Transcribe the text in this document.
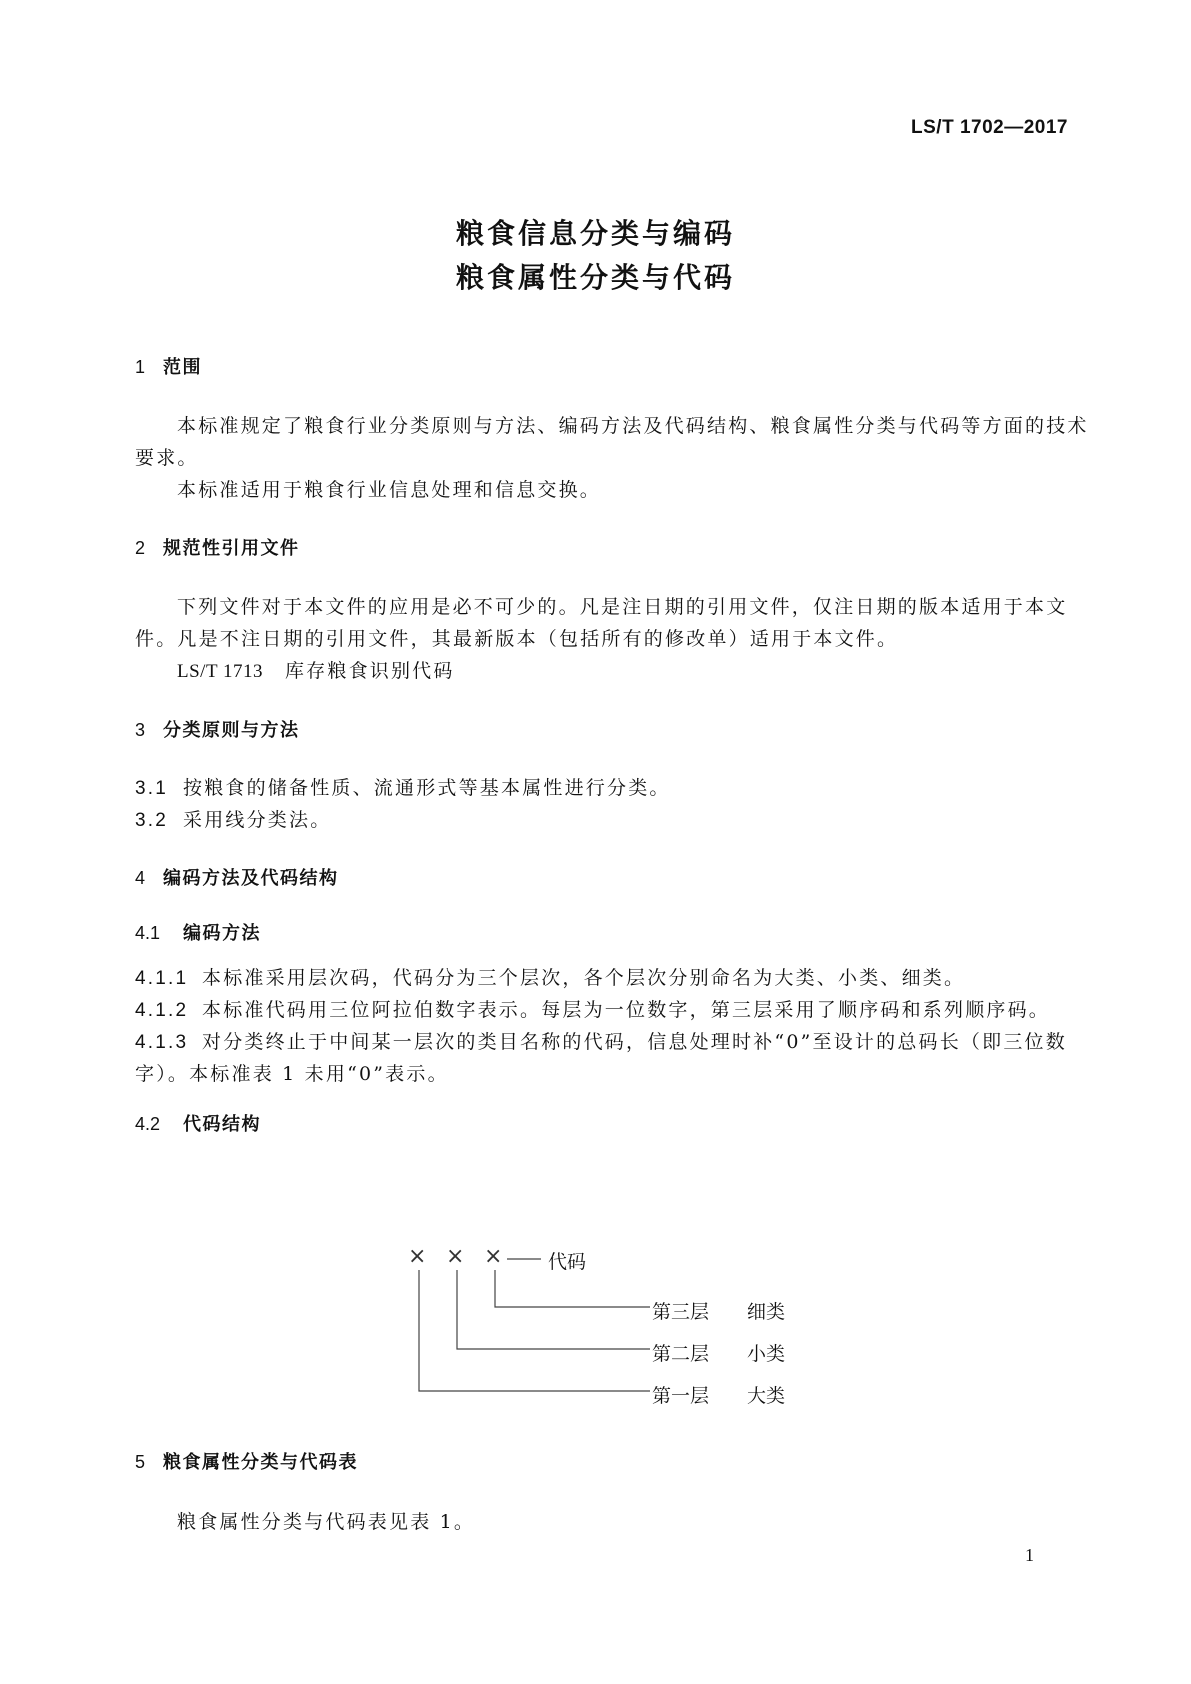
LS/T 1702—2017
粮食信息分类与编码
粮食属性分类与代码
1 范围
本标准规定了粮食行业分类原则与方法、编码方法及代码结构、粮食属性分类与代码等方面的技术
要求。
本标准适用于粮食行业信息处理和信息交换。
2 规范性引用文件
下列文件对于本文件的应用是必不可少的。凡是注日期的引用文件，仅注日期的版本适用于本文
件。凡是不注日期的引用文件，其最新版本（包括所有的修改单）适用于本文件。
LS/T 1713 库存粮食识别代码
3 分类原则与方法
3.1 按粮食的储备性质、流通形式等基本属性进行分类。
3.2 采用线分类法。
4 编码方法及代码结构
4.1 编码方法
4.1.1 本标准采用层次码，代码分为三个层次，各个层次分别命名为大类、小类、细类。
4.1.2 本标准代码用三位阿拉伯数字表示。每层为一位数字，第三层采用了顺序码和系列顺序码。
4.1.3 对分类终止于中间某一层次的类目名称的代码，信息处理时补“0”至设计的总码长（即三位数
字）。本标准表 1 未用“0”表示。
4.2 代码结构
× × × 代码
第三层 细类
第二层 小类
第一层 大类
5 粮食属性分类与代码表
粮食属性分类与代码表见表 1。
1
